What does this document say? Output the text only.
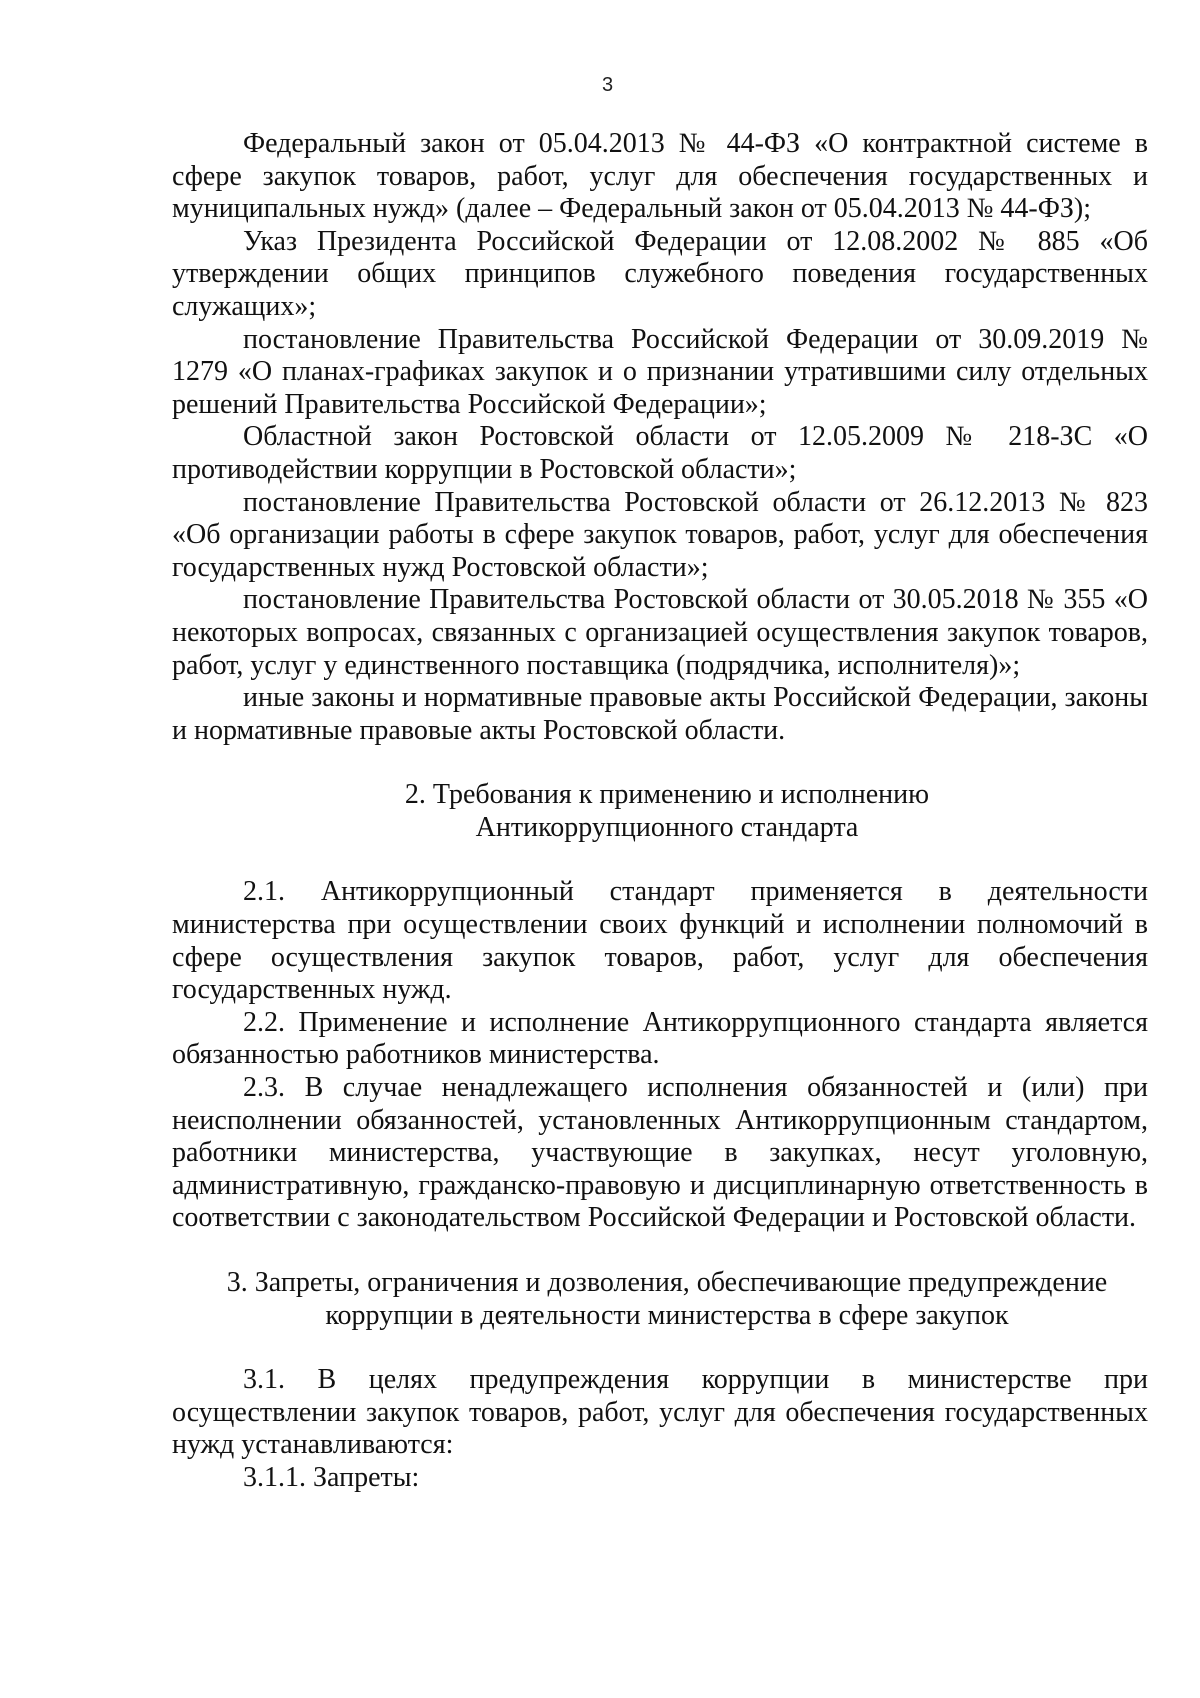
3

Федеральный закон от 05.04.2013 № 44-ФЗ «О контрактной системе в сфере закупок товаров, работ, услуг для обеспечения государственных и муниципальных нужд» (далее – Федеральный закон от 05.04.2013 № 44-ФЗ);

Указ Президента Российской Федерации от 12.08.2002 № 885 «Об утверждении общих принципов служебного поведения государственных служащих»;

постановление Правительства Российской Федерации от 30.09.2019 № 1279 «О планах-графиках закупок и о признании утратившими силу отдельных решений Правительства Российской Федерации»;

Областной закон Ростовской области от 12.05.2009 № 218-ЗС «О противодействии коррупции в Ростовской области»;

постановление Правительства Ростовской области от 26.12.2013 № 823 «Об организации работы в сфере закупок товаров, работ, услуг для обеспечения государственных нужд Ростовской области»;

постановление Правительства Ростовской области от 30.05.2018 № 355 «О некоторых вопросах, связанных с организацией осуществления закупок товаров, работ, услуг у единственного поставщика (подрядчика, исполнителя)»;

иные законы и нормативные правовые акты Российской Федерации, законы и нормативные правовые акты Ростовской области.

2. Требования к применению и исполнению
Антикоррупционного стандарта

2.1. Антикоррупционный стандарт применяется в деятельности министерства при осуществлении своих функций и исполнении полномочий в сфере осуществления закупок товаров, работ, услуг для обеспечения государственных нужд.

2.2. Применение и исполнение Антикоррупционного стандарта является обязанностью работников министерства.

2.3. В случае ненадлежащего исполнения обязанностей и (или) при неисполнении обязанностей, установленных Антикоррупционным стандартом, работники министерства, участвующие в закупках, несут уголовную, административную, гражданско-правовую и дисциплинарную ответственность в соответствии с законодательством Российской Федерации и Ростовской области.

3. Запреты, ограничения и дозволения, обеспечивающие предупреждение
коррупции в деятельности министерства в сфере закупок

3.1. В целях предупреждения коррупции в министерстве при осуществлении закупок товаров, работ, услуг для обеспечения государственных нужд устанавливаются:

3.1.1. Запреты:
